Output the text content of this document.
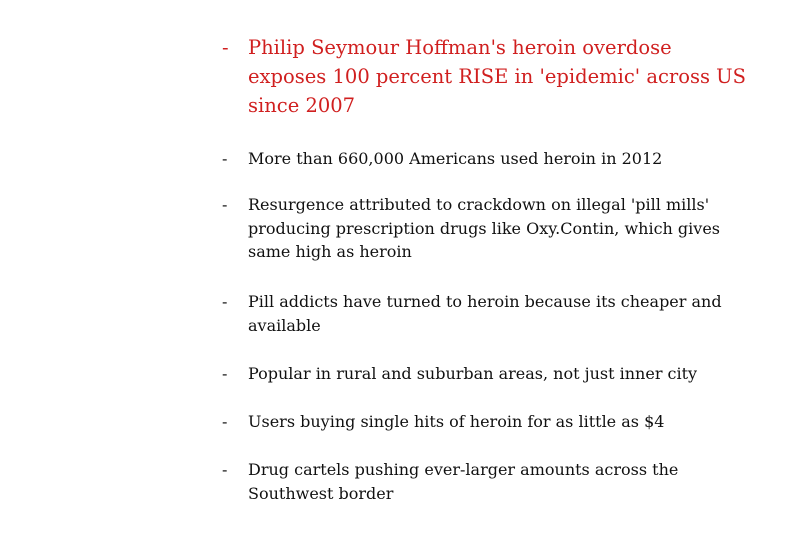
- Philip Seymour Hoffman's heroin overdose
exposes 100 percent RISE in 'epidemic' across US
since 2007
-	More than 660,000 Americans used heroin in 2012
-	Resurgence attributed to crackdown on illegal 'pill mills'
producing prescription drugs like Oxy.Contin, which gives
same high as heroin
-	Pill addicts have turned to heroin because its cheaper and
available
-	Popular in rural and suburban areas, not just inner city
-	Users buying single hits of heroin for as little as $4
-	Drug cartels pushing ever-larger amounts across the
Southwest border
